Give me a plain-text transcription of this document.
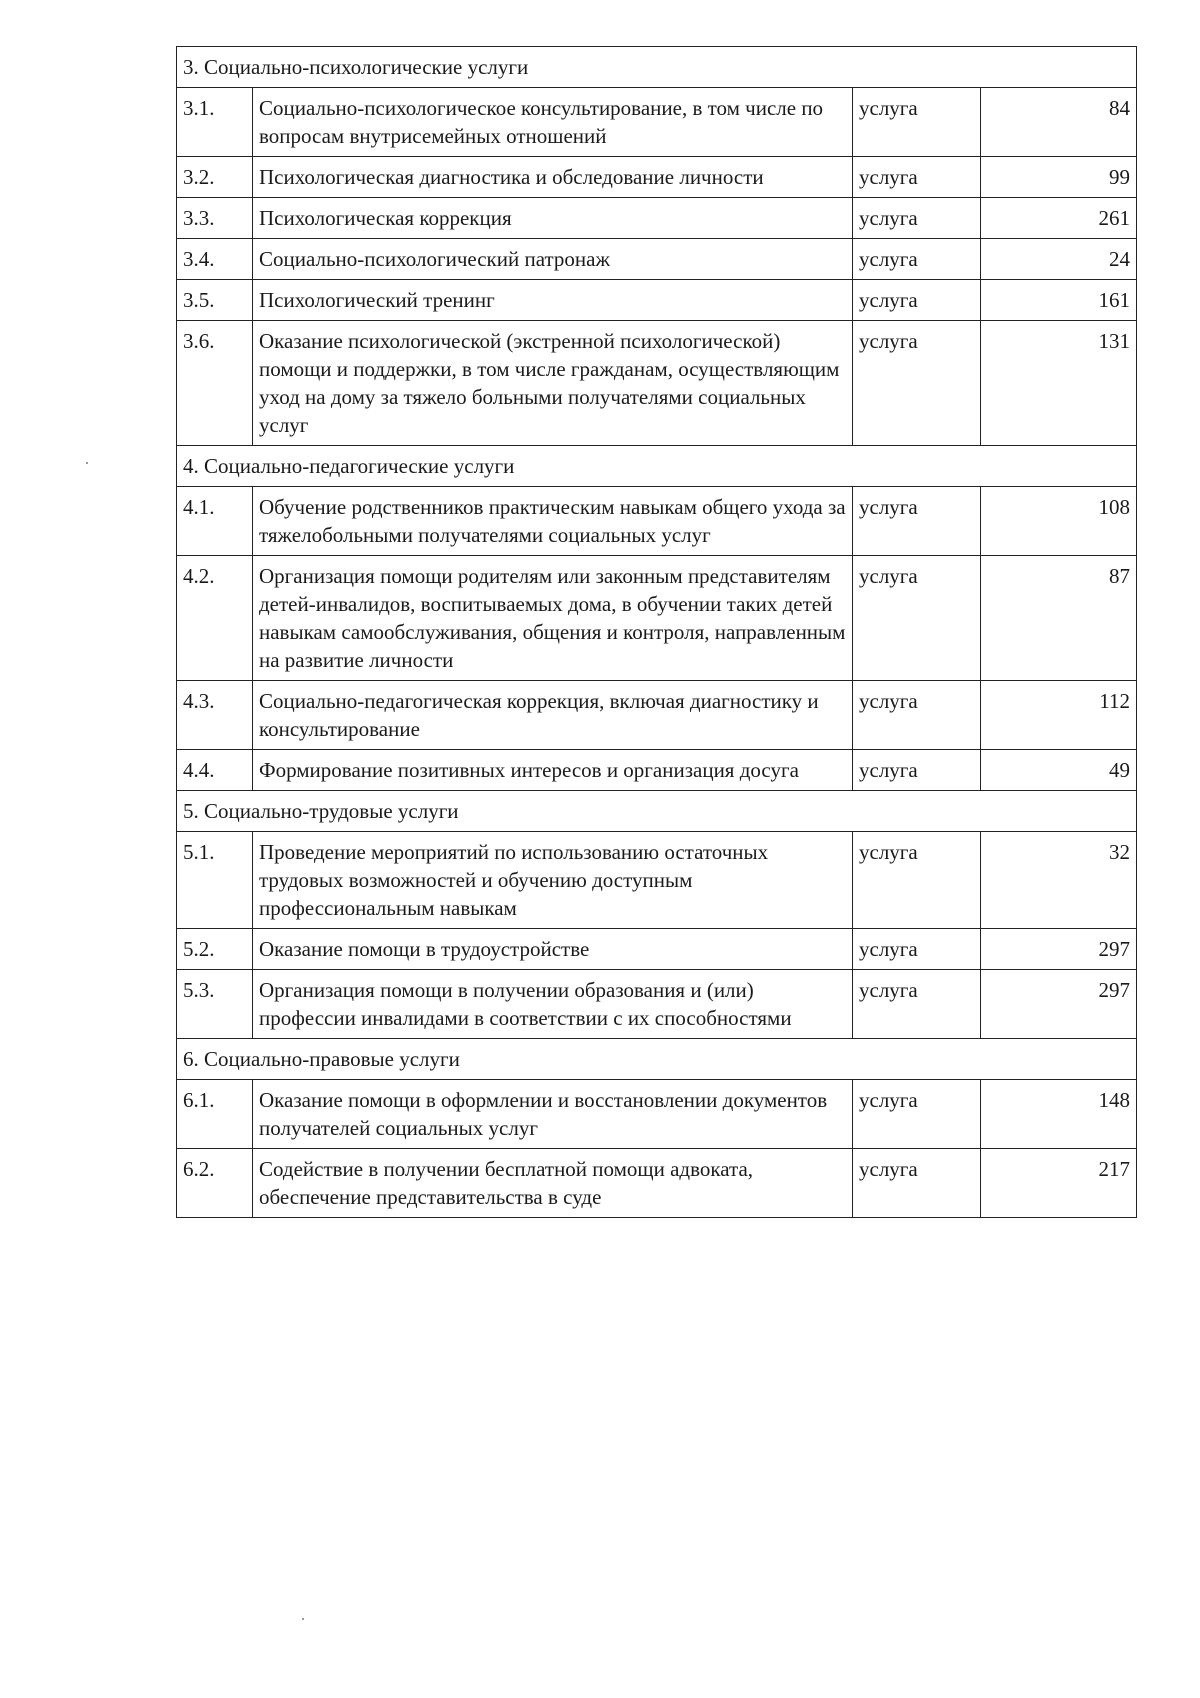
3. Социально-психологические услуги			
3.1.	Социально-психологическое консультирование, в том числе по вопросам внутрисемейных отношений	услуга	84
3.2.	Психологическая диагностика и обследование личности	услуга	99
3.3.	Психологическая коррекция	услуга	261
3.4.	Социально-психологический патронаж	услуга	24
3.5.	Психологический тренинг	услуга	161
3.6.	Оказание психологической (экстренной психологической) помощи и поддержки, в том числе гражданам, осуществляющим уход на дому за тяжело больными получателями социальных услуг	услуга	131
4. Социально-педагогические услуги			
4.1.	Обучение родственников практическим навыкам общего ухода за тяжелобольными получателями социальных услуг	услуга	108
4.2.	Организация помощи родителям или законным представителям детей-инвалидов, воспитываемых дома, в обучении таких детей навыкам самообслуживания, общения и контроля, направленным на развитие личности	услуга	87
4.3.	Социально-педагогическая коррекция, включая диагностику и консультирование	услуга	112
4.4.	Формирование позитивных интересов и организация досуга	услуга	49
5. Социально-трудовые услуги			
5.1.	Проведение мероприятий по использованию остаточных трудовых возможностей и обучению доступным профессиональным навыкам	услуга	32
5.2.	Оказание помощи в трудоустройстве	услуга	297
5.3.	Организация помощи в получении образования и (или) профессии инвалидами в соответствии с их способностями	услуга	297
6. Социально-правовые услуги			
6.1.	Оказание помощи в оформлении и восстановлении документов получателей социальных услуг	услуга	148
6.2.	Содействие в получении бесплатной помощи адвоката, обеспечение представительства в суде	услуга	217
